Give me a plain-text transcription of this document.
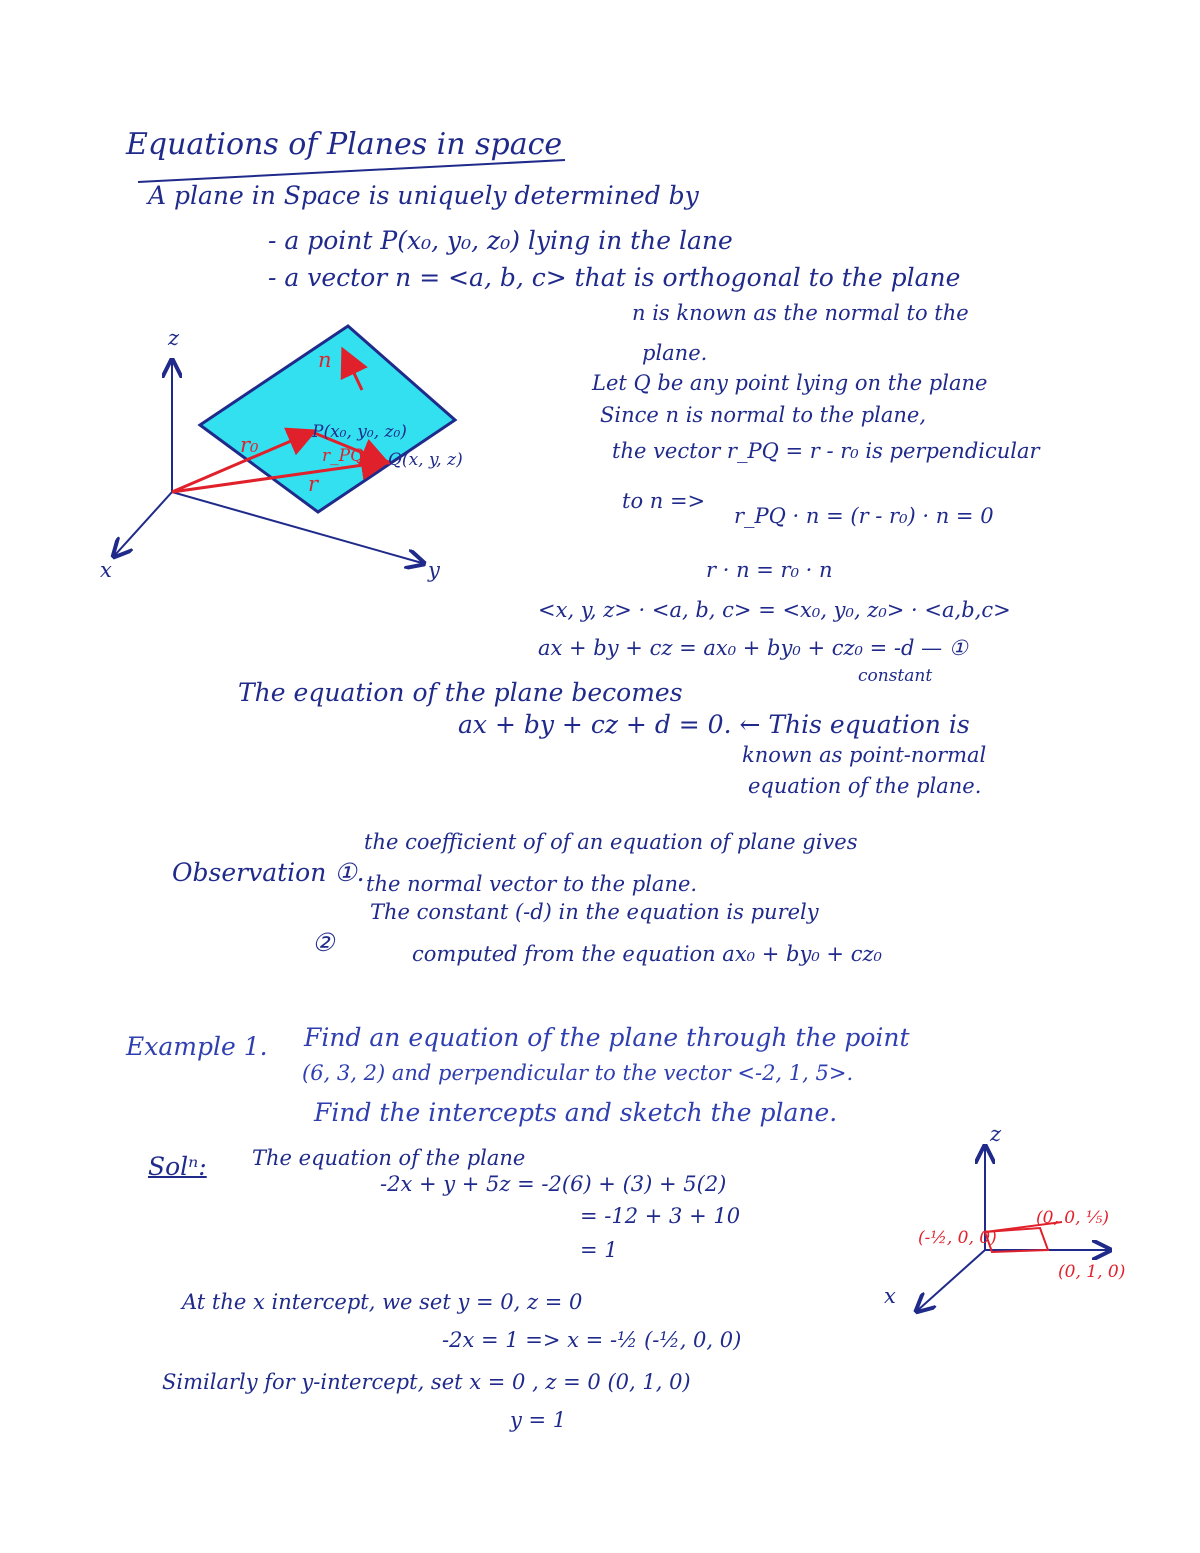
z
x	y
n
r₀	r_PQ
r
P(x₀, y₀, z₀)
Q(x, y, z)
Equations of Planes in space
A plane in Space is uniquely determined by
- a point P(x₀, y₀, z₀) lying in the lane
- a vector n = <a, b, c> that is orthogonal to the plane
n is known as the normal to the
plane.
Let Q be any point lying on the plane
Since n is normal to the plane,
the vector r_PQ = r - r₀ is perpendicular
to n =>
r_PQ · n = (r - r₀) · n = 0
r · n = r₀ · n
<x, y, z> · <a, b, c> = <x₀, y₀, z₀> · <a,b,c>
ax + by + cz = ax₀ + by₀ + cz₀ = -d — ①
constant
The equation of the plane becomes
ax + by + cz + d = 0. ← This equation is
known as point-normal
equation of the plane.
Observation ①.
the coefficient of of an equation of plane gives
the normal vector to the plane.
②
The constant (-d) in the equation is purely
computed from the equation ax₀ + by₀ + cz₀
Example 1. Find an equation of the plane through the point
(6, 3, 2) and perpendicular to the vector <-2, 1, 5>.
Find the intercepts and sketch the plane.
Solⁿ: The equation of the plane
-2x + y + 5z = -2(6) + (3) + 5(2)
= -12 + 3 + 10
= 1
At the x intercept, we set y = 0, z = 0
-2x = 1 => x = -½ (-½, 0, 0)
Similarly for y-intercept, set x = 0 , z = 0 (0, 1, 0)
y = 1
z
x
(0, 0, ⅕)
(-½, 0, 0)
(0, 1, 0)
